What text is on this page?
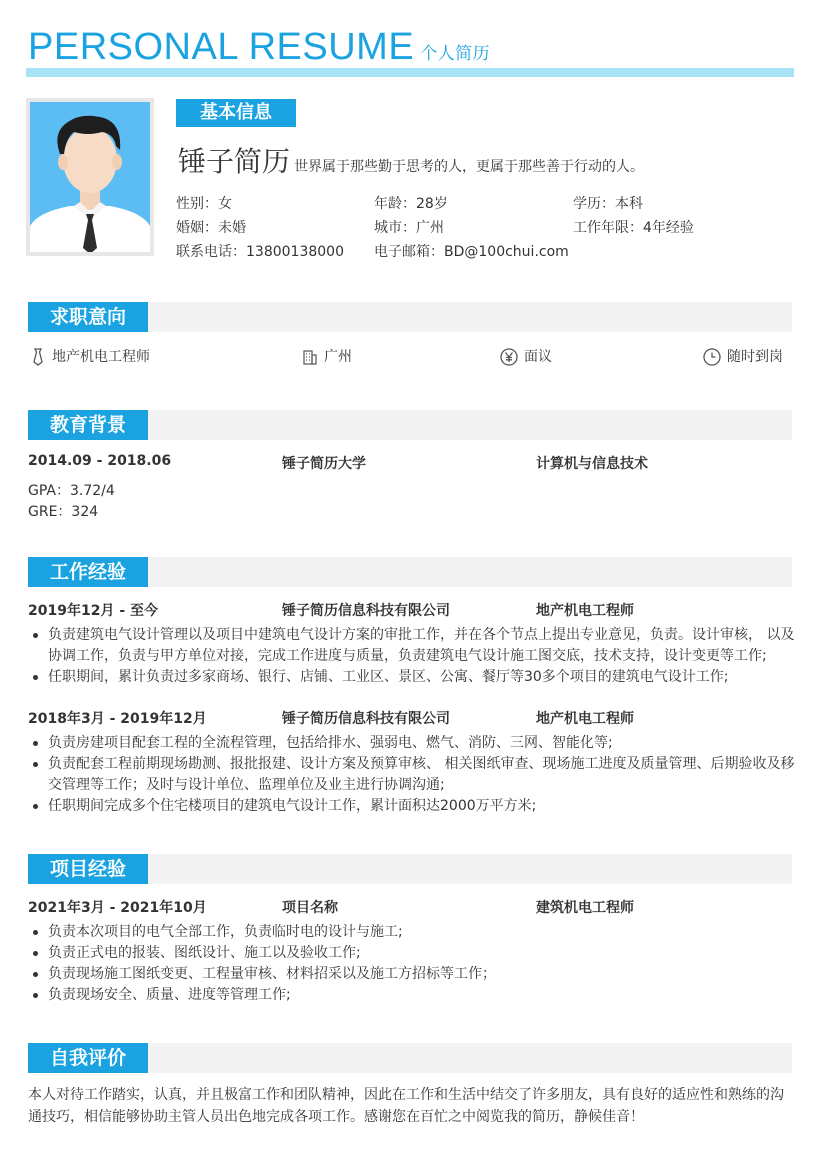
PERSONAL RESUME 个人简历
基本信息
锤子简历 世界属于那些勤于思考的人，更属于那些善于行动的人。
性别：女	年龄：28岁	学历：本科
婚姻：未婚	城市：广州	工作年限：4年经验
联系电话：13800138000 电子邮箱：BD@100chui.com
求职意向
地产机电工程师	广州	面议	随时到岗
教育背景
2014.09 - 2018.06	锤子简历大学	计算机与信息技术
GPA：3.72/4
GRE：324
工作经验
2019年12月 - 至今	锤子简历信息科技有限公司	地产机电工程师
负责建筑电气设计管理以及项目中建筑电气设计方案的审批工作，并在各个节点上提出专业意见，负责。设计审核， 以及协调工作，负责与甲方单位对接，完成工作进度与质量，负责建筑电气设计施工图交底，技术支持，设计变更等工作;
任职期间，累计负责过多家商场、银行、店铺、工业区、景区、公寓、餐厅等30多个项目的建筑电气设计工作;
2018年3月 - 2019年12月	锤子简历信息科技有限公司	地产机电工程师
负责房建项目配套工程的全流程管理，包括给排水、强弱电、燃气、消防、三网、智能化等;
负责配套工程前期现场勘测、报批报建、设计方案及预算审核、 相关图纸审查、现场施工进度及质量管理、后期验收及移交管理等工作；及时与设计单位、监理单位及业主进行协调沟通;
任职期间完成多个住宅楼项目的建筑电气设计工作，累计面积达2000万平方米;
项目经验
2021年3月 - 2021年10月	项目名称	建筑机电工程师
负责本次项目的电气全部工作，负责临时电的设计与施工;
负责正式电的报装、图纸设计、施工以及验收工作;
负责现场施工图纸变更、工程量审核、材料招采以及施工方招标等工作；
负责现场安全、质量、进度等管理工作;
自我评价
本人对待工作踏实，认真，并且极富工作和团队精神，因此在工作和生活中结交了许多朋友，具有良好的适应性和熟练的沟通技巧，相信能够协助主管人员出色地完成各项工作。感谢您在百忙之中阅览我的简历，静候佳音！
